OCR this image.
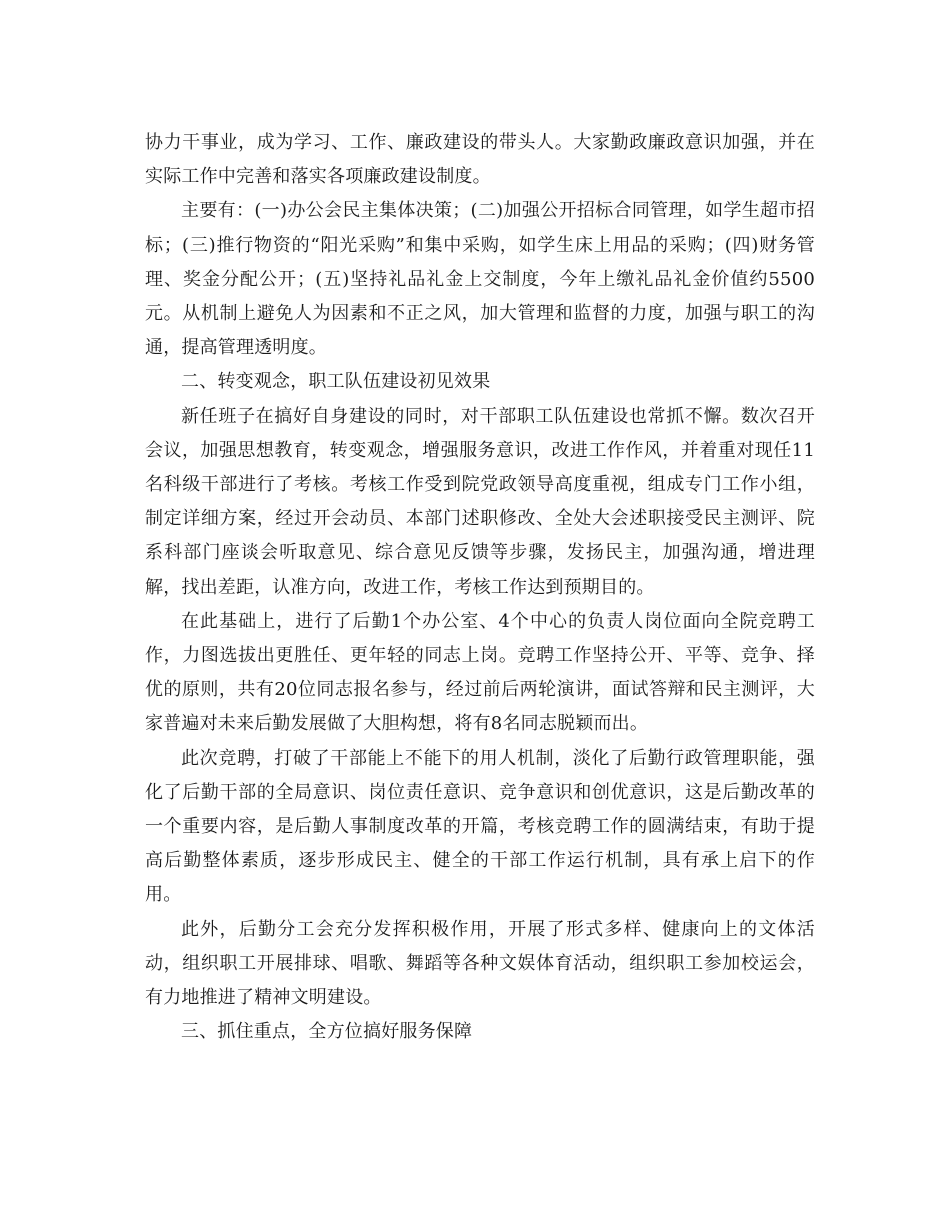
协力干事业，成为学习、工作、廉政建设的带头人。大家勤政廉政意识加强，并在实际工作中完善和落实各项廉政建设制度。

主要有：(一)办公会民主集体决策；(二)加强公开招标合同管理，如学生超市招标；(三)推行物资的“阳光采购”和集中采购，如学生床上用品的采购；(四)财务管理、奖金分配公开；(五)坚持礼品礼金上交制度，今年上缴礼品礼金价值约5500元。从机制上避免人为因素和不正之风，加大管理和监督的力度，加强与职工的沟通，提高管理透明度。

二、转变观念，职工队伍建设初见效果

新任班子在搞好自身建设的同时，对干部职工队伍建设也常抓不懈。数次召开会议，加强思想教育，转变观念，增强服务意识，改进工作作风，并着重对现任11名科级干部进行了考核。考核工作受到院党政领导高度重视，组成专门工作小组，制定详细方案，经过开会动员、本部门述职修改、全处大会述职接受民主测评、院系科部门座谈会听取意见、综合意见反馈等步骤，发扬民主，加强沟通，增进理解，找出差距，认准方向，改进工作，考核工作达到预期目的。

在此基础上，进行了后勤1个办公室、4个中心的负责人岗位面向全院竞聘工作，力图选拔出更胜任、更年轻的同志上岗。竞聘工作坚持公开、平等、竞争、择优的原则，共有20位同志报名参与，经过前后两轮演讲，面试答辩和民主测评，大家普遍对未来后勤发展做了大胆构想，将有8名同志脱颖而出。

此次竞聘，打破了干部能上不能下的用人机制，淡化了后勤行政管理职能，强化了后勤干部的全局意识、岗位责任意识、竞争意识和创优意识，这是后勤改革的一个重要内容，是后勤人事制度改革的开篇，考核竞聘工作的圆满结束，有助于提高后勤整体素质，逐步形成民主、健全的干部工作运行机制，具有承上启下的作用。

此外，后勤分工会充分发挥积极作用，开展了形式多样、健康向上的文体活动，组织职工开展排球、唱歌、舞蹈等各种文娱体育活动，组织职工参加校运会，有力地推进了精神文明建设。

三、抓住重点，全方位搞好服务保障
